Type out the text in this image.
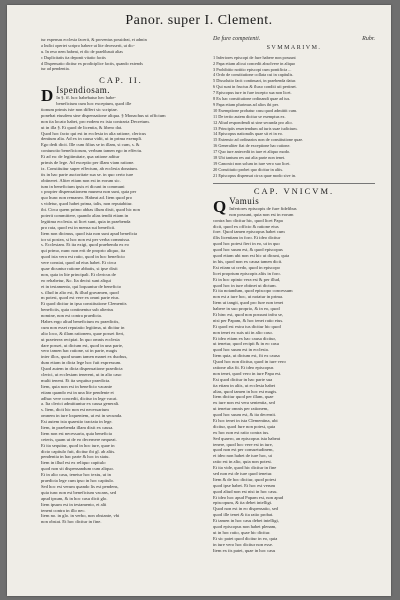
Panor. super I. Clement.
tur expensas ecclesia facerit, & proventus possideat, et admin
a Indici opertet scripro habere ut lite decesserit, ut dic-
u. In reso nem habeat, et dic de praelibauit alias
c Duplicitatis ita deponit vitatio factis
d Dispensatio dicitur ex prodiciplice factis, quando extends
tur ad pendentia.
CAP. II.
D Ispendiosam.
In §. ff. hoc habebatur hec habe-
beneficium cum hoc exceptum, quod ille
tionum primis iste non differt sic scriptae.
ponebat eiusdem sine dispensatione aliqua. § Monachus ut officium
non ita locato habet, pro eodem ex ista contraria Decretum.
ut in illa §. Et quod de licentia, & libero dat.
Quod hoc facto qui est in ecclesia in alia ratione, clericus
dentium alia. Ad ex in causa vidit, ut in prima exempli.
Ego dedi dicit. Ille cum filius se in illam, si cum, s. &
coniunctio beneficiorum, verbum tamen ego in effectu.
Et ad ea: de legitimitate, qua ratione aditur
primis de lege. Ad exceptio per illam viam ratione.
ix. Constituitur super effectum, ab ecclesia donatum.
tis in hac parte auctoritate sua se. in quo certo iure
obtineret. Aliter etiam non est in eorum sic.
tum in beneficium ipsis et dicunt in communi
c propter dispensationem munera non sunt, quia per
quo hunc non remaneo. Habeat ad. Item quod pro
s videtur, quod habet prima, talis, non reputabitur.
ibi. Circa quem primo abbas illum dixit, quod hic non
poterit committere, quando alias tendit etiam in
legitima ecclesia. ut licet sunt, quia in praebenda
pro rata, quod est in mensa sui beneficii.
Item non dicimus, quod ista non sunt apud beneficia
tor ut postea, si hoc non est per verba commissa.
s. Ecclesiam. Et ita exigi, quod praebenda ex eo
qui primo, nunc non erit de proprio aliquo, ita
quod ista vera est ratio, quod in hoc beneficio
vere constat, quod ad eius habet. Et circa
quae dicuntur ratione abbatis, si ipse dixit
non, quia in lite principali. Et clericus de
eo rehabetur, &c. Ita decisi sunt aliqui
et in testamento, qui loquuntur de beneficio
s. illud in alio est, & illud gravamen, quod
m potest, quod est vere ex omni parte eius.
Et quod dicitur in ipsa constitutione Clementis
beneficiis, quia continentur sub alterius
nomine, non est contra praedicta.
Habes ergo aliud beneficium ex praedictis,
cum non esset reputatio legitima, ut dicitur in
alio loco, & illam rationem, quae posset fieri,
ut praeterea recipiat. In quo omnis ecclesia
dare posset, ut dictum est, quod in una parte,
vero tamen hac ratione, ut in parte, magis
inter illos, quod unum tamen manet ex duobus,
dum etiam in dicta lege hoc fuit expressum.
Quod autem in dicta dispensatione praedicta
clerici, ut ecclesiam tenerent, ut in alio caso
multi tenent. Et ita sequitur praedicta.
Item, quia non est in beneficio vacante
etiam quando est in una lite pendente et
adhuc vere concedit, dicitur in lege vacat.
a. Ita clerici admittuntur ex causa generali.
s. Item, dicit hic non est necessarium
omnem in iure loquentem, ut est in secunda.
Est autem ista quaestio tractata in lege.
Item, in praebenda illam dixit ex causa.
Item non est necessaria, quia beneficia
ceteris, quam ut de eo decernere nequeat.
Et ita sequitur, quod in hoc iure, quae in
dicto capitulo fuit, dicitur ibi gl. ab aliis.
pendentia in hac parte & hoc in statu.
Item in illud est ex reliquo capitulo
quod non sit dispensandum cum aliquo.
Et in alio casu, tenetur hoc textu, ut in
praedicta lege cum ipso in hoc capitulo.
Sed hoc est verum quando lis est pendens,
quia tunc non est beneficium vacans, sed
apud ipsum, & in hoc casu dicit glo.
Item ipsum est in testamento, et alii
tenent contra in illo nec.
Item no. in glo. in verbo, non obstante, vbi
non obstat. Et hoc dicitur in fine.
De fure competenti.	Rubr.
SVMMARIVM.
1 Inferiores episcopi de fure habere non possunt
2 Papa etiam alicui concedit absolvere in aliquo
3 Prohibitio notitio episcopi cum pontificia ...
4 Ordo de constitutione collata cui in capitulis.
5 Dissolutio facit continuari, in praebenda datur.
6 Qui sunt in fructus & fluxo conditi uti pertinet.
7 Episcopus iure in fure incepto sua non licet.
8 Ex hac constitutione ordinandi quae ad ius.
9 Papa etiam plurimus ad alios ibi per.
10 Exemptione probatur casu quod admittit cum.
11 De tertio autem dicitur se exemptus ex.
12 Aliud respondendi ut sine secunda pro alio.
13 Principiis reuertendum ad iuris suae iudicium.
14 Episcopus nationalis quae sit et in eo.
15 Extensio ad ordinarios non de constitutione quae.
16 Generaliter fiat de exceptione hac ratione.
17 Quo iure antecedit in iure et aliquo modo.
18 Ubi tantum res aut alia parte non tenet.
19 Canonici non solum in iure vero suo licet.
20 Constitutio probet quo dicitur in aliis.
21 Episcopus dispensat circa quae modo sive in.
CAP. VNICVM.
Q Vamuis
Inferiores episcopis de fure fidelibus
non possunt, quia non est in eorum
contra hoc dicitur hic, quod licet Papa
dicit, quod ex officio & ratione eius
fore. Quod tamen episcopus habet cum
illis licentiam in foro. Et ideo dicitur
quod hoc potest fieri in eo, ut in quo
quod hoc suum est, & quod episcopus
quod etiam ubi non est hic ut dicunt, quia
in his, quod non ex causa tamen dicit.
Est etiam ut credo, quod in episcopo
licet proprium episcopis aliis in foro.
Et in hoc opinio vera est & per illud,
quod hoc in iure obtinet ut dictum.
Et ita notandum, quod episcopo concessum
non est a iure hoc, ut notatur in prima.
Item ut tangit, quod pro fure non tenet
habere in suo proprio, & in eo, quod
Et hinc est, quod non possunt infra se,
nisi per Papam, & hoc tenet ratio eius.
Et quod est extra ius dicitur hic quod
non tenet ex suis uti in alio caso.
Et ideo etiam ex hac causa dicitur,
ut tenetur, quod recipit & in eo casu
quod hoc suum est in ecclesia.
Item quia, ut dictum est, fit ex causa
Quod hoc non dicitur, quod in iure vero
ratione alia fit. Et ideo episcopus
non tenet, quod vero in iure Papa est.
Est quod dicitur in hac parte sua
ita etiam in aliis, ut ecclesia habet
alias, quod tamen in hoc est magis.
Item dicitur quod per illam, quae
ex iure non est vera sententia, sed
ut tenetur omnis per rationem,
quod hoc suum est, & ita decernit.
Et hoc tenet in ista Clementina, ubi
dicitur, quod fure non potest, quia
ex hoc non est ratio contra ius.
Sed quaero, an episcopus ista habeat
tenere, quod hoc vere est in iure,
quod non est per consuetudinem,
et ideo non habet de iure hoc, ut
ratio est in alio, quia non potest.
Et ita vide, quod hic dicitur in fine
sed non est de iure quod tenetur.
Item & de hoc dicitur, quod potest
quod ipse habet. Et hoc est verum
quod aliud non est nisi in hoc casu.
Et ideo hoc apud Papam est, non apud
episcopum, & ita debet intelligi.
Quod non est in eo dispensatio, sed
quod ille tenet & ita ratio probat.
Et tamen in hoc casu debet intelligi,
quod episcopus non habet plenam,
ut in hoc ratio, quae hic dicitur.
Et sic patet quod dicitur in eo, quia
in iure vero hoc dicitur non esse.
Item ex iis patet, quae in hoc casu
